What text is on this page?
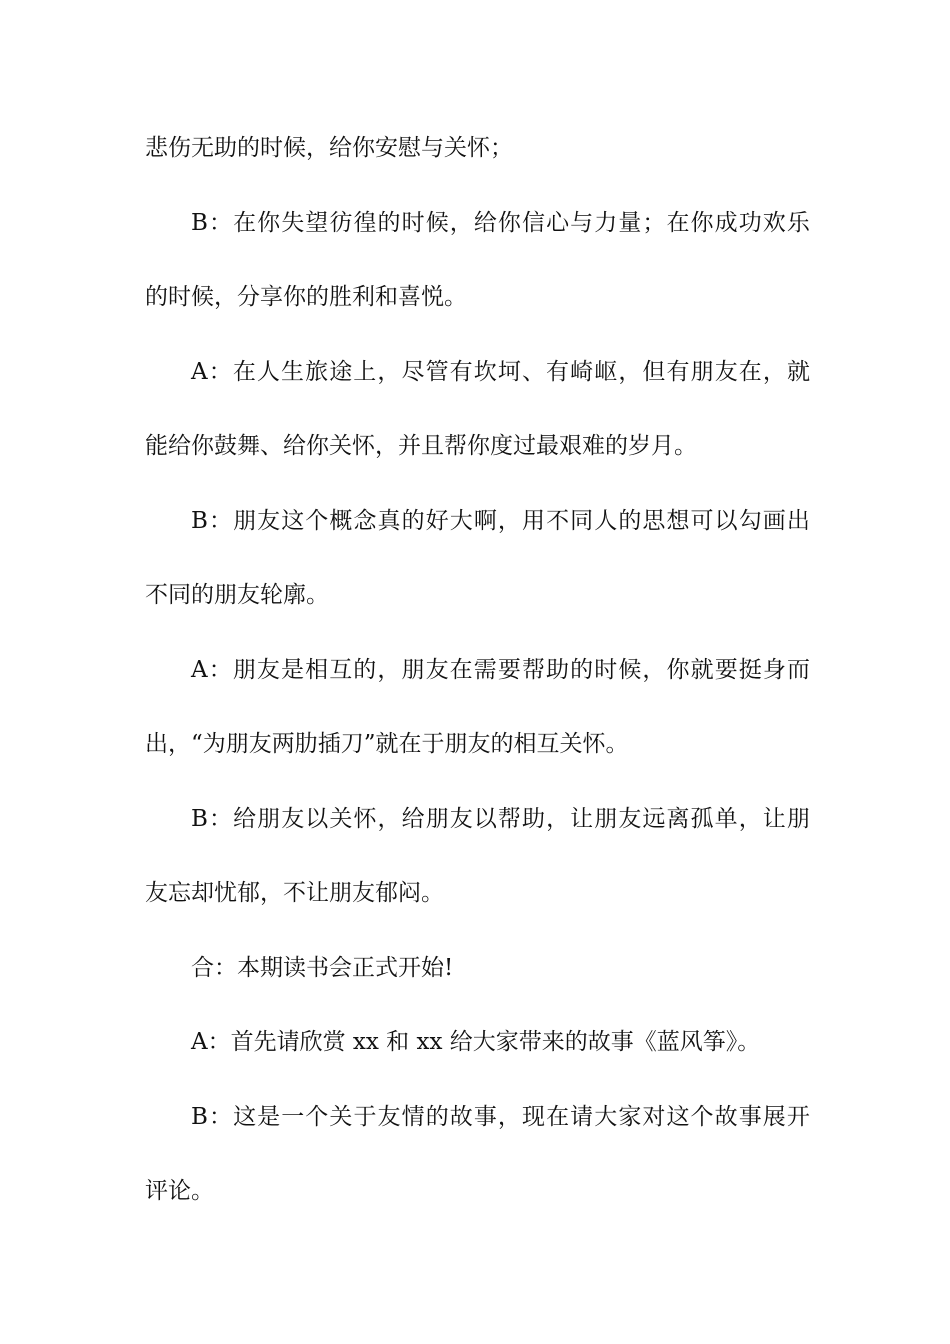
悲伤无助的时候，给你安慰与关怀；
B ： 在 你 失 望 彷 徨 的 时 候 ， 给 你 信 心 与 力 量 ； 在 你 成 功 欢 乐
的时候，分享你的胜利和喜悦。
A ： 在 人 生 旅 途 上 ， 尽 管 有 坎 坷 、 有 崎 岖 ， 但 有 朋 友 在 ， 就
能给你鼓舞、给你关怀，并且帮你度过最艰难的岁月。
B ： 朋 友 这 个 概 念 真 的 好 大 啊 ， 用 不 同 人 的 思 想 可 以 勾 画 出
不同的朋友轮廓。
A ： 朋 友 是 相 互 的 ， 朋 友 在 需 要 帮 助 的 时 候 ， 你 就 要 挺 身 而
出，“为朋友两肋插刀”就在于朋友的相互关怀。
B ： 给 朋 友 以 关 怀 ， 给 朋 友 以 帮 助 ， 让 朋 友 远 离 孤 单 ， 让 朋
友忘却忧郁，不让朋友郁闷。
合：本期读书会正式开始!
A：首先请欣赏 xx 和 xx 给大家带来的故事《蓝风筝》。
B ： 这 是 一 个 关 于 友 情 的 故 事 ， 现 在 请 大 家 对 这 个 故 事 展 开
评论。
